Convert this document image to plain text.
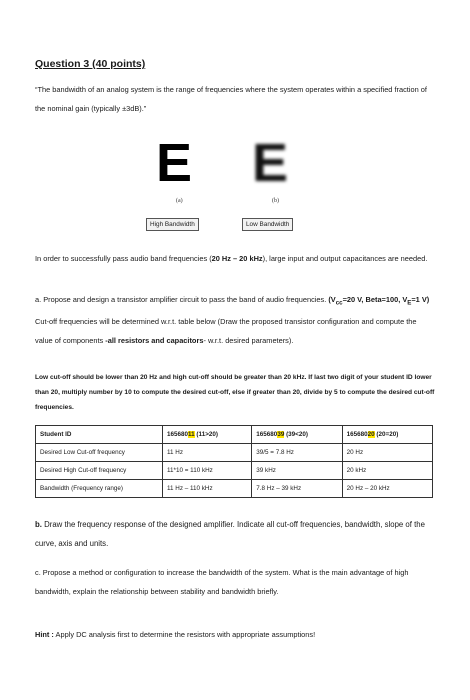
Question 3 (40 points)
“The bandwidth of an analog system is the range of frequencies where the system operates within a specified fraction of the nominal gain (typically ±3dB).”
E E
(a)	(b)
High Bandwidth	Low Bandwidth
In order to successfully pass audio band frequencies (20 Hz – 20 kHz), large input and output capacitances are needed.
a. Propose and design a transistor amplifier circuit to pass the band of audio frequencies. ($V_{cc}=20$ V, Beta=100, $V_E=1$ V) Cut-off frequencies will be determined w.r.t. table below (Draw the proposed transistor configuration and compute the value of components -all resistors and capacitors- w.r.t. desired parameters).
Low cut-off should be lower than 20 Hz and high cut-off should be greater than 20 kHz. If last two digit of your student ID lower than 20, multiply number by 10 to compute the desired cut-off, else if greater than 20, divide by 5 to compute the desired cut-off frequencies.
Student ID	16568011 (11>20)	16568039 (39<20)	16568020 (20=20)
Desired Low Cut-off frequency	11 Hz	39/5 = 7.8 Hz	20 Hz
Desired High Cut-off frequency	11*10 = 110 kHz	39 kHz	20 kHz
Bandwidth (Frequency range)	11 Hz – 110 kHz	7.8 Hz – 39 kHz	20 Hz – 20 kHz
b. Draw the frequency response of the designed amplifier. Indicate all cut-off frequencies, bandwidth, slope of the curve, axis and units.
c. Propose a method or configuration to increase the bandwidth of the system. What is the main advantage of high bandwidth, explain the relationship between stability and bandwidth briefly.
Hint : Apply DC analysis first to determine the resistors with appropriate assumptions!
